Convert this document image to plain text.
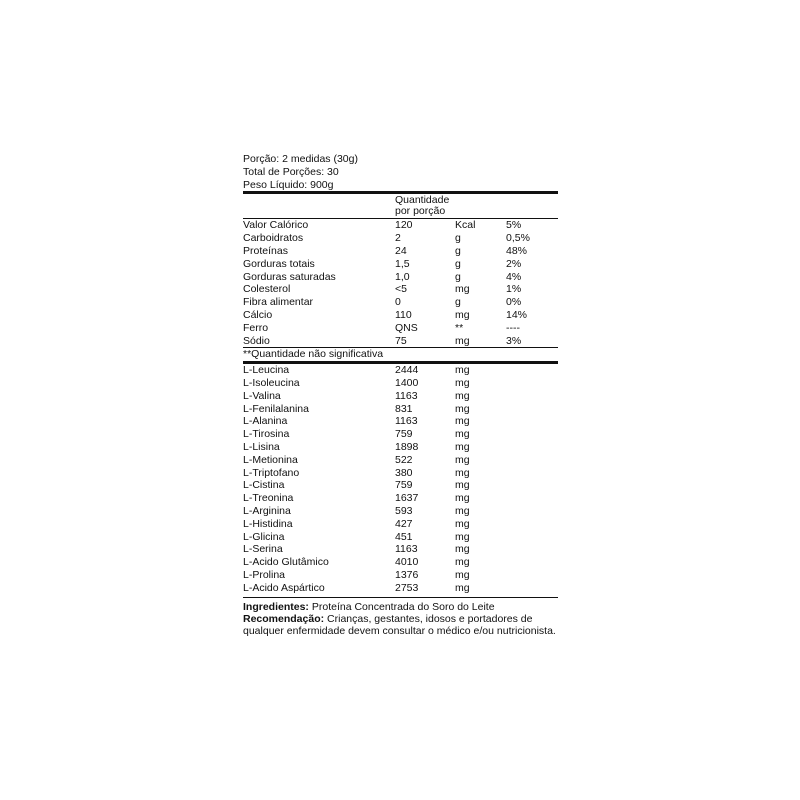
Porção: 2 medidas (30g)
Total de Porções: 30
Peso Líquido: 900g
Quantidade
por porção
Valor Calórico	120	Kcal	5%
Carboidratos	2	g	0,5%
Proteínas	24	g	48%
Gorduras totais	1,5	g	2%
Gorduras saturadas	1,0	g	4%
Colesterol	<5	mg	1%
Fibra alimentar	0	g	0%
Cálcio	110	mg	14%
Ferro	QNS	**	----
Sódio	75	mg	3%
**Quantidade não significativa
L-Leucina	2444	mg
L-Isoleucina	1400	mg
L-Valina	1163	mg
L-Fenilalanina	831	mg
L-Alanina	1163	mg
L-Tirosina	759	mg
L-Lisina	1898	mg
L-Metionina	522	mg
L-Triptofano	380	mg
L-Cistina	759	mg
L-Treonina	1637	mg
L-Arginina	593	mg
L-Histidina	427	mg
L-Glicina	451	mg
L-Serina	1163	mg
L-Acido Glutâmico	4010	mg
L-Prolina	1376	mg
L-Acido Aspártico	2753	mg
Ingredientes: Proteína Concentrada do Soro do Leite
Recomendação: Crianças, gestantes, idosos e portadores de qualquer enfermidade devem consultar o médico e/ou nutricionista.
